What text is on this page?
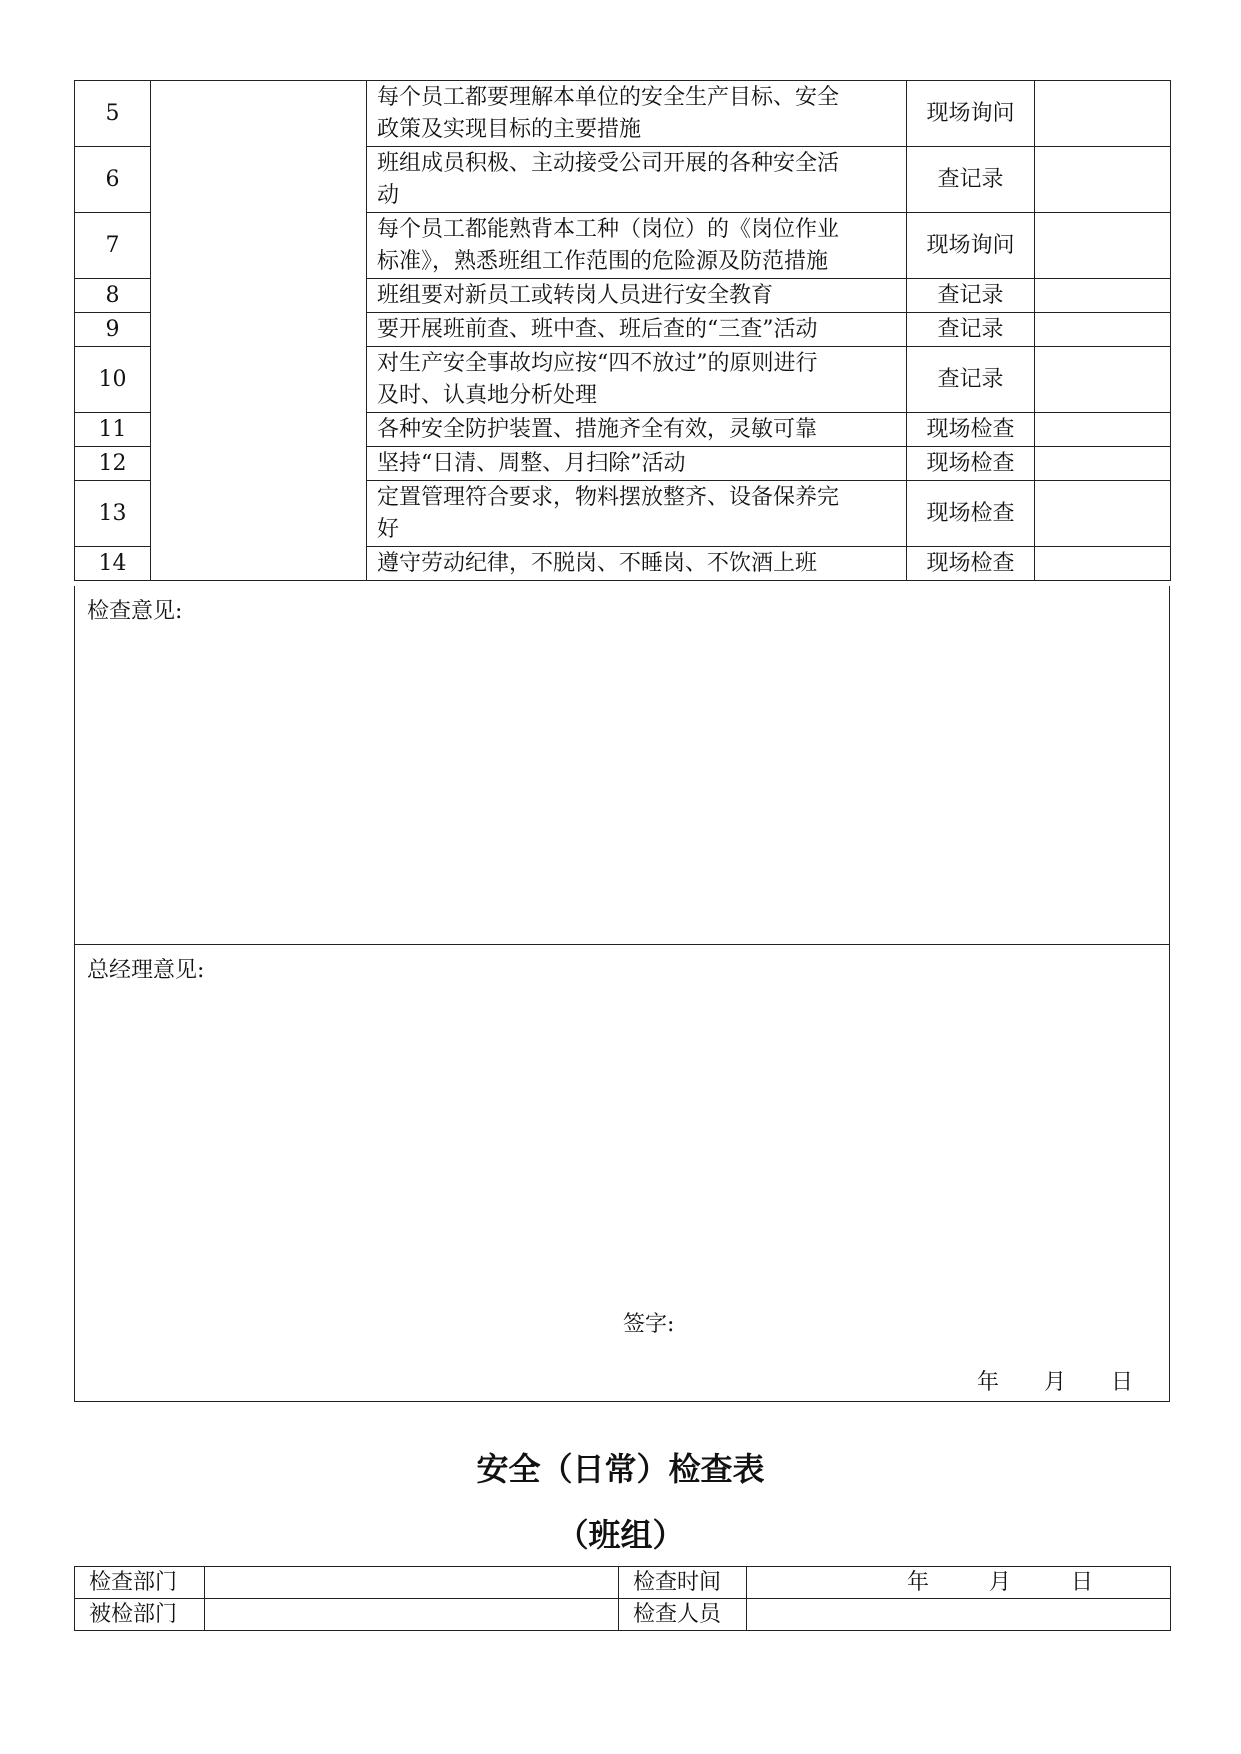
5		每个员工都要理解本单位的安全生产目标、安全
政策及实现目标的主要措施	现场询问	
6		班组成员积极、主动接受公司开展的各种安全活
动	查记录	
7		每个员工都能熟背本工种（岗位）的《岗位作业
标准》，熟悉班组工作范围的危险源及防范措施	现场询问	
8		班组要对新员工或转岗人员进行安全教育	查记录	
9		要开展班前查、班中查、班后查的“三查”活动	查记录	
10		对生产安全事故均应按“四不放过”的原则进行
及时、认真地分析处理	查记录	
11		各种安全防护装置、措施齐全有效，灵敏可靠	现场检查	
12		坚持“日清、周整、月扫除”活动	现场检查	
13		定置管理符合要求，物料摆放整齐、设备保养完
好	现场检查	
14		遵守劳动纪律，不脱岗、不睡岗、不饮酒上班	现场检查	
检查意见:
总经理意见:
签字:
年 月 日
安全（日常）检查表
（班组）
检查部门		检查时间	年 月 日

被检部门		检查人员	
